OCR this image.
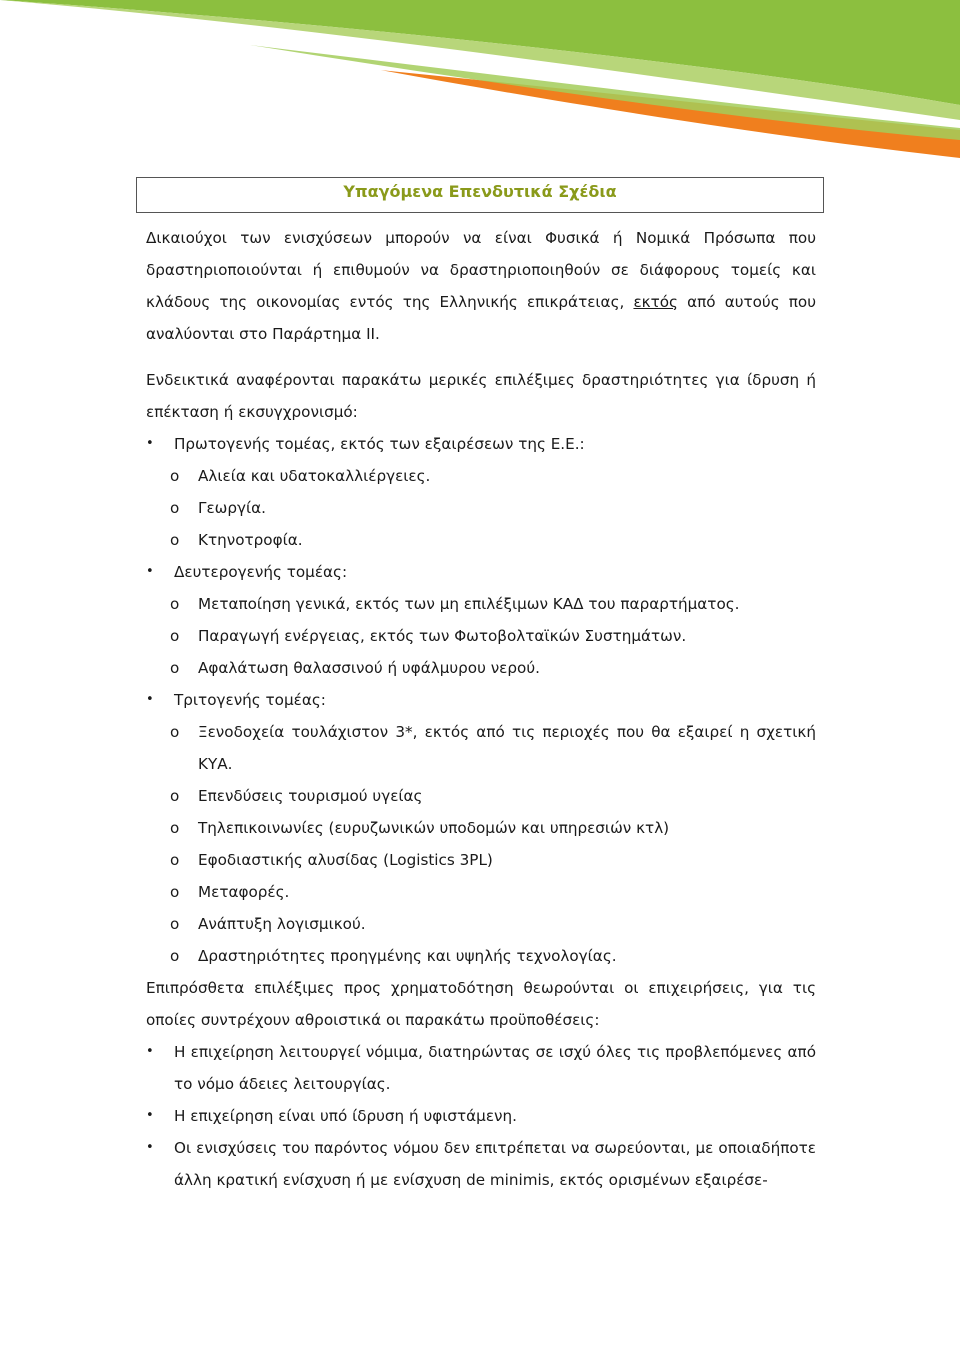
Υπαγόμενα Επενδυτικά Σχέδια

Δικαιούχοι των ενισχύσεων μπορούν να είναι Φυσικά ή Νομικά Πρόσωπα που δραστηριοποιούνται ή επιθυμούν να δραστηριοποιηθούν σε διάφορους τομείς και κλάδους της οικονομίας εντός της Ελληνικής επικράτειας, εκτός από αυτούς που αναλύονται στο Παράρτημα ΙΙ.

Ενδεικτικά αναφέρονται παρακάτω μερικές επιλέξιμες δραστηριότητες για ίδρυση ή επέκταση ή εκσυγχρονισμό:

• Πρωτογενής τομέας, εκτός των εξαιρέσεων της Ε.Ε.:
o Αλιεία και υδατοκαλλιέργειες.
o Γεωργία.
o Κτηνοτροφία.
• Δευτερογενής τομέας:
o Μεταποίηση γενικά, εκτός των μη επιλέξιμων ΚΑΔ του παραρτήματος.
o Παραγωγή ενέργειας, εκτός των Φωτοβολταϊκών Συστημάτων.
o Αφαλάτωση θαλασσινού ή υφάλμυρου νερού.
• Τριτογενής τομέας:
o Ξενοδοχεία τουλάχιστον 3*, εκτός από τις περιοχές που θα εξαιρεί η σχετική ΚΥΑ.
o Επενδύσεις τουρισμού υγείας
o Τηλεπικοινωνίες (ευρυζωνικών υποδομών και υπηρεσιών κτλ)
o Εφοδιαστικής αλυσίδας (Logistics 3PL)
o Μεταφορές.
o Ανάπτυξη λογισμικού.
o Δραστηριότητες προηγμένης και υψηλής τεχνολογίας.

Επιπρόσθετα επιλέξιμες προς χρηματοδότηση θεωρούνται οι επιχειρήσεις, για τις οποίες συντρέχουν αθροιστικά οι παρακάτω προϋποθέσεις:

• Η επιχείρηση λειτουργεί νόμιμα, διατηρώντας σε ισχύ όλες τις προβλεπόμενες από το νόμο άδειες λειτουργίας.
• Η επιχείρηση είναι υπό ίδρυση ή υφιστάμενη.
• Οι ενισχύσεις του παρόντος νόμου δεν επιτρέπεται να σωρεύονται, με οποιαδήποτε άλλη κρατική ενίσχυση ή με ενίσχυση de minimis, εκτός ορισμένων εξαιρέσε-
